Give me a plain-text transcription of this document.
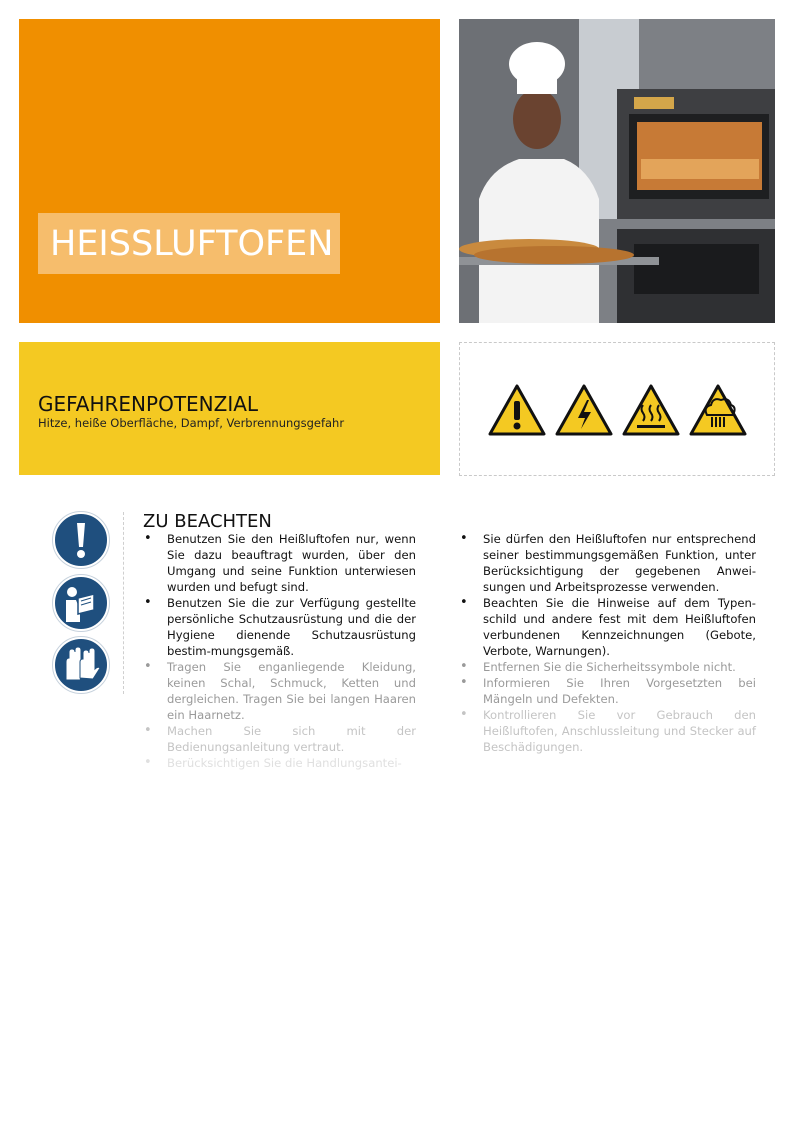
HEISSLUFTOFEN
GEFAHRENPOTENZIAL
Hitze, heiße Oberfläche, Dampf, Verbrennungsgefahr
ZU BEACHTEN
• Benutzen Sie den Heißluftofen nur, wenn Sie dazu beauftragt wurden, über den Umgang und seine Funktion unterwiesen wurden und befugt sind.
• Benutzen Sie die zur Verfügung gestellte persönliche Schutzausrüstung und die der Hygiene dienende Schutzausrüstung bestim-mungsgemäß.
• Tragen Sie enganliegende Kleidung, keinen Schal, Schmuck, Ketten und dergleichen. Tragen Sie bei langen Haaren ein Haarnetz.
• Machen Sie sich mit der Bedienungsanleitung vertraut.
• Berücksichtigen Sie die Handlungsantei-
• Sie dürfen den Heißluftofen nur entsprechend seiner bestimmungsgemäßen Funktion, unter Berücksichtigung der gegebenen Anwei-sungen und Arbeitsprozesse verwenden.
• Beachten Sie die Hinweise auf dem Typen-schild und andere fest mit dem Heißluftofen verbundenen Kennzeichnungen (Gebote, Verbote, Warnungen).
• Entfernen Sie die Sicherheitssymbole nicht.
• Informieren Sie Ihren Vorgesetzten bei Mängeln und Defekten.
• Kontrollieren Sie vor Gebrauch den Heißluftofen, Anschlussleitung und Stecker auf Beschädigungen.
